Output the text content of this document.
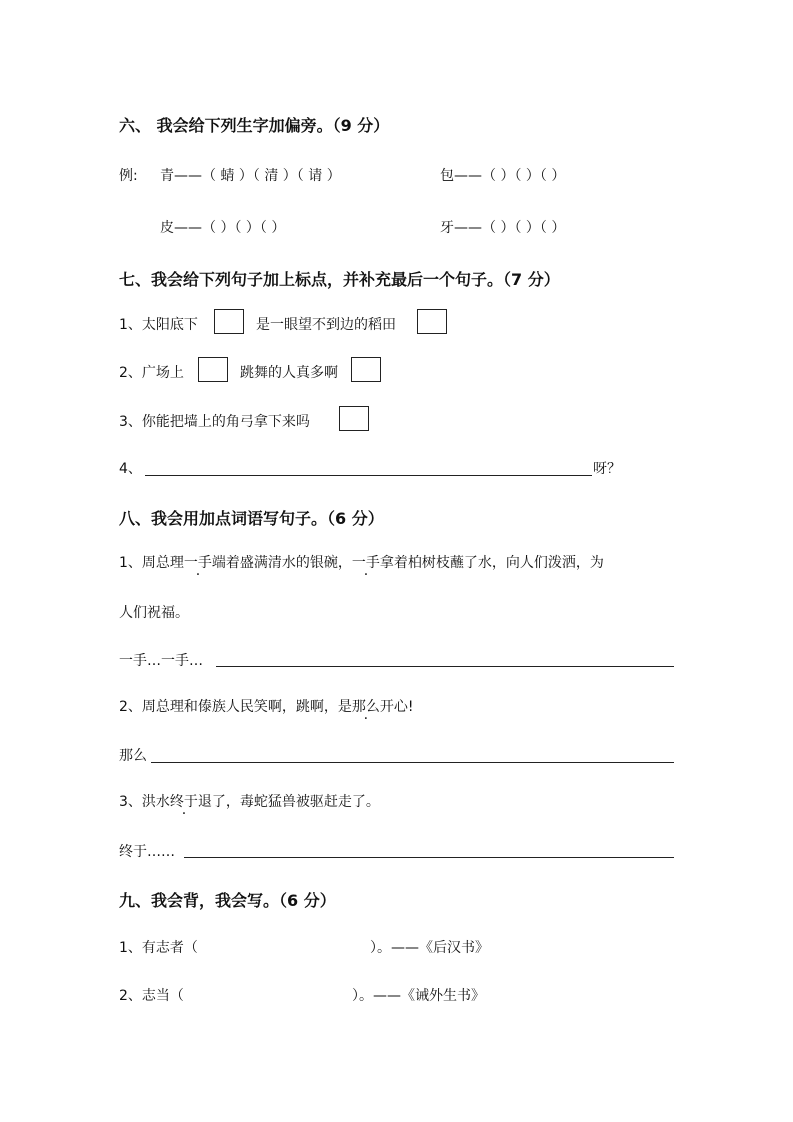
六、 我会给下列生字加偏旁。（9 分）
例: 青——（ 蜻 ）（ 清 ）（ 请 ）	包——（ ）（ ）（ ）
皮——（ ）（ ）（ ）	牙——（ ）（ ）（ ）
七、我会给下列句子加上标点，并补充最后一个句子。（7 分）
1、太阳底下	是一眼望不到边的稻田
2、广场上	跳舞的人真多啊
3、你能把墙上的角弓拿下来吗
4、	呀？
八、我会用加点词语写句子。（6 分）
1、周总理一手端着盛满清水的银碗，一手拿着柏树枝蘸了水，向人们泼洒，为
人们祝福。
一手…一手…
2、周总理和傣族人民笑啊，跳啊，是那么开心!
那么
3、洪水终于退了，毒蛇猛兽被驱赶走了。
终于……
九、我会背，我会写。（6 分）
1、有志者（	）。——《后汉书》
2、志当（	）。——《诫外生书》
